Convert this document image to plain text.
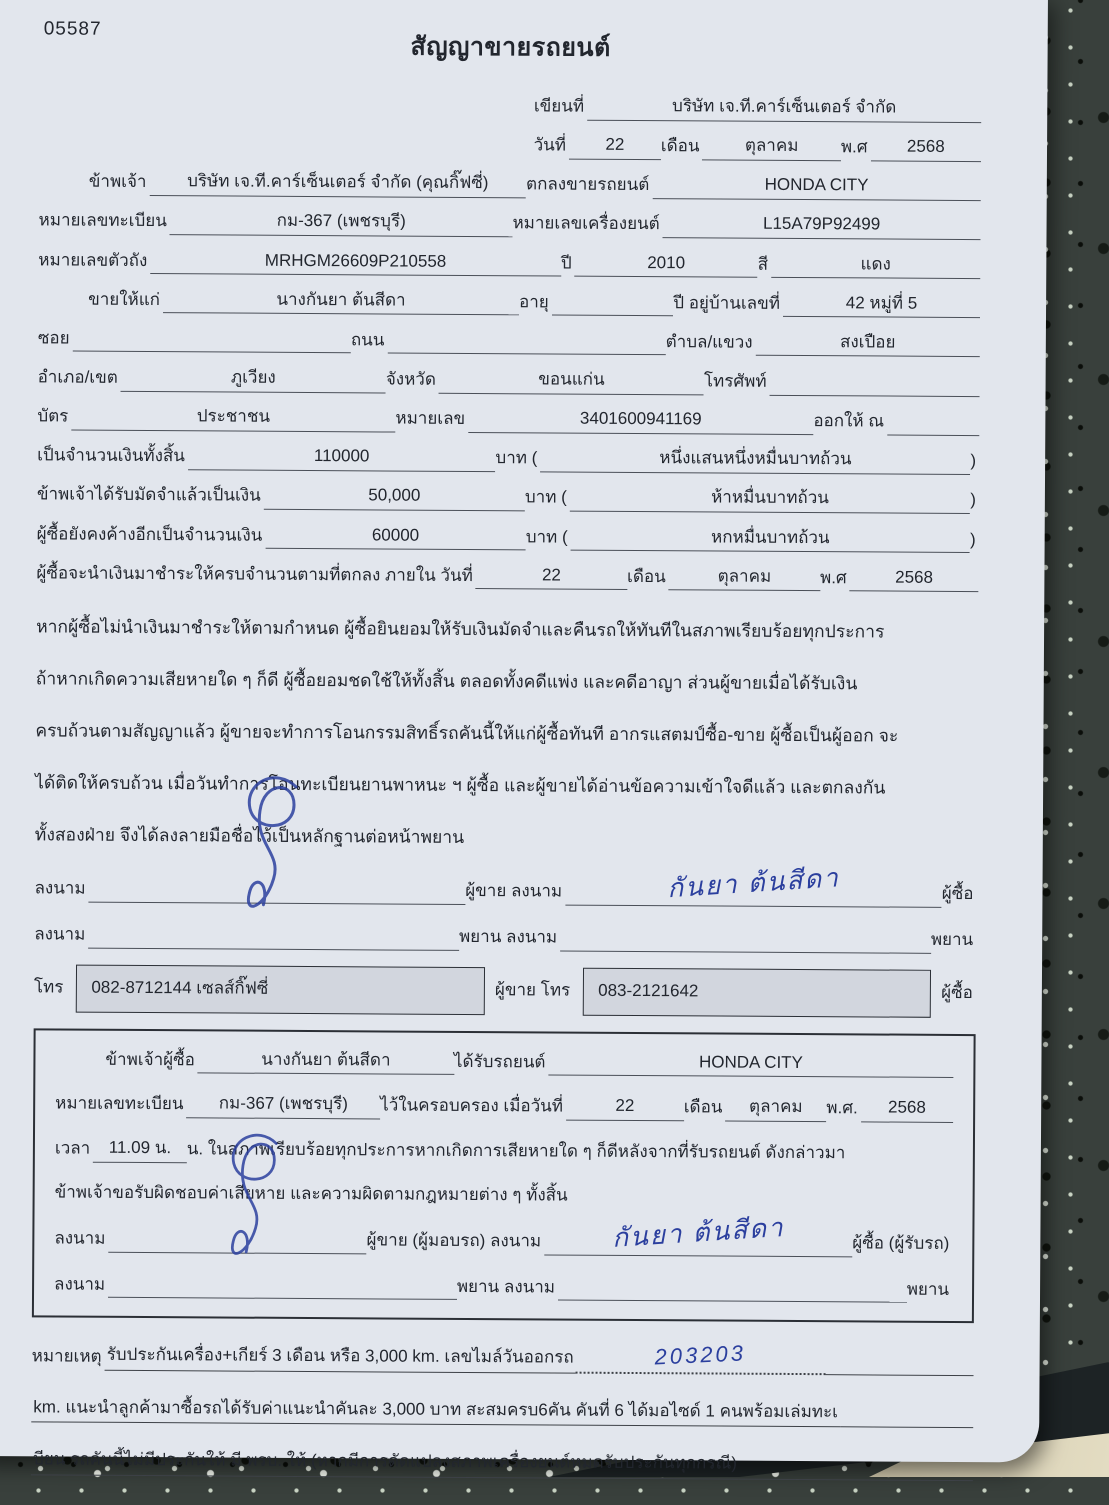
05587
สัญญาขายรถยนต์
เขียนที่	บริษัท เจ.ที.คาร์เซ็นเตอร์ จำกัด
วันที่	22	เดือน	ตุลาคม	พ.ศ	2568
ข้าพเจ้า	บริษัท เจ.ที.คาร์เซ็นเตอร์ จำกัด (คุณกิ๊ฟซี่)	ตกลงขายรถยนต์	HONDA CITY
หมายเลขทะเบียน	กม-367 (เพชรบุรี)	หมายเลขเครื่องยนต์	L15A79P92499
หมายเลขตัวถัง	MRHGM26609P210558	ปี	2010	สี	แดง
ขายให้แก่	นางกันยา ต้นสีดา	อายุ	ปี อยู่บ้านเลขที่	42 หมู่ที่ 5
ซอย	ถนน	ตำบล/แขวง	สงเปือย
อำเภอ/เขต	ภูเวียง	จังหวัด	ขอนแก่น	โทรศัพท์
บัตร	ประชาชน	หมายเลข	3401600941169	ออกให้ ณ
เป็นจำนวนเงินทั้งสิ้น	110000	บาท (	หนึ่งแสนหนึ่งหมื่นบาทถ้วน	)
ข้าพเจ้าได้รับมัดจำแล้วเป็นเงิน	50,000	บาท (	ห้าหมื่นบาทถ้วน	)
ผู้ซื้อยังคงค้างอีกเป็นจำนวนเงิน	60000	บาท (	หกหมื่นบาทถ้วน	)
ผู้ซื้อจะนำเงินมาชำระให้ครบจำนวนตามที่ตกลง ภายใน วันที่	22	เดือน	ตุลาคม	พ.ศ	2568
หากผู้ซื้อไม่นำเงินมาชำระให้ตามกำหนด ผู้ซื้อยินยอมให้รับเงินมัดจำและคืนรถให้ทันทีในสภาพเรียบร้อยทุกประการ
ถ้าหากเกิดความเสียหายใด ๆ ก็ดี ผู้ซื้อยอมชดใช้ให้ทั้งสิ้น ตลอดทั้งคดีแพ่ง และคดีอาญา ส่วนผู้ขายเมื่อได้รับเงิน
ครบถ้วนตามสัญญาแล้ว ผู้ขายจะทำการโอนกรรมสิทธิ์รถคันนี้ให้แก่ผู้ซื้อทันที อากรแสตมป์ซื้อ-ขาย ผู้ซื้อเป็นผู้ออก จะ
ได้ติดให้ครบถ้วน เมื่อวันทำการโอนทะเบียนยานพาหนะ ฯ ผู้ซื้อ และผู้ขายได้อ่านข้อความเข้าใจดีแล้ว และตกลงกัน
ทั้งสองฝ่าย จึงได้ลงลายมือชื่อไว้เป็นหลักฐานต่อหน้าพยาน
ลงนาม	ผู้ขาย ลงนาม	กันยา ต้นสีดา	ผู้ซื้อ
ลงนาม	พยาน ลงนาม	พยาน
โทร	082-8712144 เซลส์กิ๊ฟซี่	ผู้ขาย โทร	083-2121642	ผู้ซื้อ
ข้าพเจ้าผู้ซื้อ	นางกันยา ต้นสีดา	ได้รับรถยนต์	HONDA CITY
หมายเลขทะเบียน	กม-367 (เพชรบุรี)	ไว้ในครอบครอง เมื่อวันที่	22	เดือน	ตุลาคม	พ.ศ.	2568
เวลา	11.09 น. น. ในสภาพเรียบร้อยทุกประการหากเกิดการเสียหายใด ๆ ก็ดีหลังจากที่รับรถยนต์ ดังกล่าวมา
ข้าพเจ้าขอรับผิดชอบค่าเสียหาย และความผิดตามกฎหมายต่าง ๆ ทั้งสิ้น
ลงนาม	ผู้ขาย (ผู้มอบรถ) ลงนาม	กันยา ต้นสีดา	ผู้ซื้อ (ผู้รับรถ)
ลงนาม	พยาน ลงนาม	พยาน
หมายเหตุ รับประกันเครื่อง+เกียร์ 3 เดือน หรือ 3,000 km. เลขไมล์วันออกรถ	203203
km. แนะนำลูกค้ามาซื้อรถได้รับค่าแนะนำคันละ 3,000 บาท สะสมครบ6คัน คันที่ 6 ได้มอไซด์ 1 คนพร้อมเล่มทะเ
บียน รถคันนี้ไม่มีประกันให้ มี พรบ. ให้ (หากมีการดัดแปลงสภาพเครื่องยนต์หมดรับประกันทุกกรณี)
